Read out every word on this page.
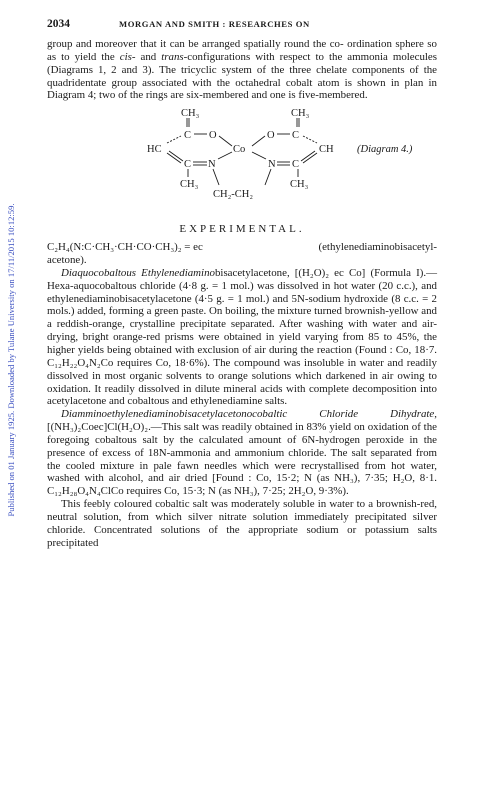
Published on 01 January 1925. Downloaded by Tulane University on 17/11/2015 10:12:59.
2034	MORGAN AND SMITH : RESEARCHES ON

group and moreover that it can be arranged spatially round the co- ordination sphere so as to yield the cis- and trans-configurations with respect to the ammonia molecules (Diagrams 1, 2 and 3). The tricyclic system of the three chelate components of the quadridentate group associated with the octahedral cobalt atom is shown in plan in Diagram 4; two of the rings are six-membered and one is five-membered.

CH₃	CH₃
C O	O C
HC	Co	CH
C N	N C
CH₃
CH₂-CH₂
CH₃
(Diagram 4.)
EXPERIMENTAL.
C₂H₄(N:C·CH₃·CH·CO·CH₃)₂ = ec	(ethylenediaminobisacetyl-

acetone).

Diaquocobaltous Ethylenediaminobisacetylacetone, [(H₂O)₂ ec Co] (Formula I).—Hexa-aquocobaltous chloride (4·8 g. = 1 mol.) was dissolved in hot water (20 c.c.), and ethylenediaminobisacetylacetone (4·5 g. = 1 mol.) and 5N-sodium hydroxide (8 c.c. = 2 mols.) added, forming a green paste. On boiling, the mixture turned brownish-yellow and a reddish-orange, crystalline precipitate separated. After washing with water and air-drying, bright orange-red prisms were obtained in yield varying from 85 to 45%, the higher yields being obtained with exclusion of air during the reaction (Found : Co, 18·7. C₁₂H₂₂O₄N₂Co requires Co, 18·6%). The compound was insoluble in water and readily dissolved in most organic solvents to orange solutions which darkened in air owing to oxidation. It readily dissolved in dilute mineral acids with complete decomposition into acetylacetone and cobaltous and ethylenediamine salts.

Diamminoethylenediaminobisacetylacetonocobaltic Chloride Dihydrate, [(NH₃)₂Coec]Cl(H₂O)₂.—This salt was readily obtained in 83% yield on oxidation of the foregoing cobaltous salt by the calculated amount of 6N-hydrogen peroxide in the presence of excess of 18N-ammonia and ammonium chloride. The salt separated from the cooled mixture in pale fawn needles which were recrystallised from hot water, washed with alcohol, and air dried [Found : Co, 15·2; N (as NH₃), 7·35; H₂O, 8·1. C₁₂H₂₈O₄N₄ClCo requires Co, 15·3; N (as NH₃), 7·25; 2H₂O, 9·3%).

This feebly coloured cobaltic salt was moderately soluble in water to a brownish-red, neutral solution, from which silver nitrate solution immediately precipitated silver chloride. Concentrated solutions of the appropriate sodium or potassium salts precipitated
